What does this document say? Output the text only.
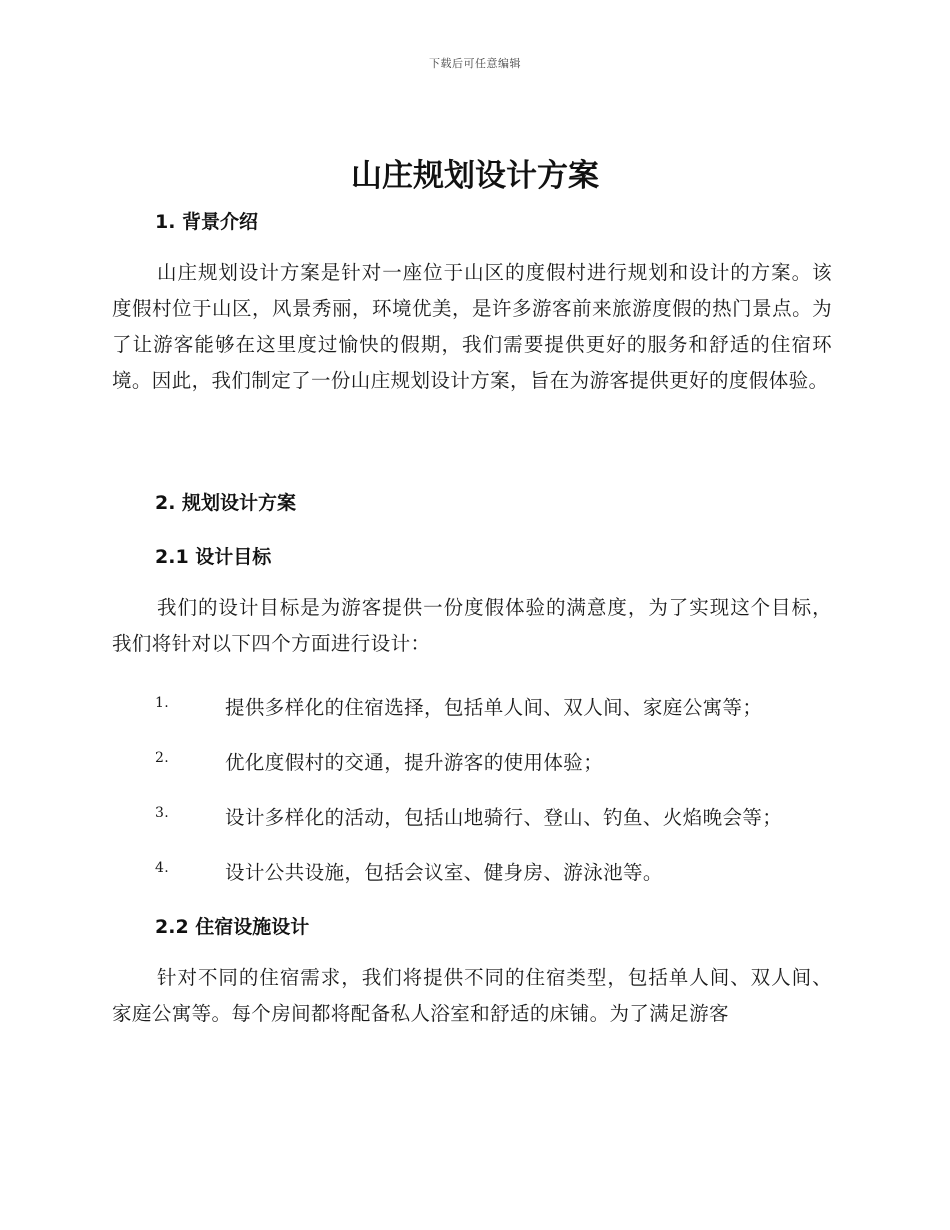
下载后可任意编辑
山庄规划设计方案
1. 背景介绍

山庄规划设计方案是针对一座位于山区的度假村进行规划和设计的方案。该度假村位于山区，风景秀丽，环境优美，是许多游客前来旅游度假的热门景点。为了让游客能够在这里度过愉快的假期，我们需要提供更好的服务和舒适的住宿环境。因此，我们制定了一份山庄规划设计方案，旨在为游客提供更好的度假体验。

2. 规划设计方案
2.1 设计目标

我们的设计目标是为游客提供一份度假体验的满意度，为了实现这个目标，我们将针对以下四个方面进行设计：

1.	提供多样化的住宿选择，包括单人间、双人间、家庭公寓等；
2.	优化度假村的交通，提升游客的使用体验；
3.	设计多样化的活动，包括山地骑行、登山、钓鱼、火焰晚会等；
4.	设计公共设施，包括会议室、健身房、游泳池等。
2.2 住宿设施设计

针对不同的住宿需求，我们将提供不同的住宿类型，包括单人间、双人间、家庭公寓等。每个房间都将配备私人浴室和舒适的床铺。为了满足游客
